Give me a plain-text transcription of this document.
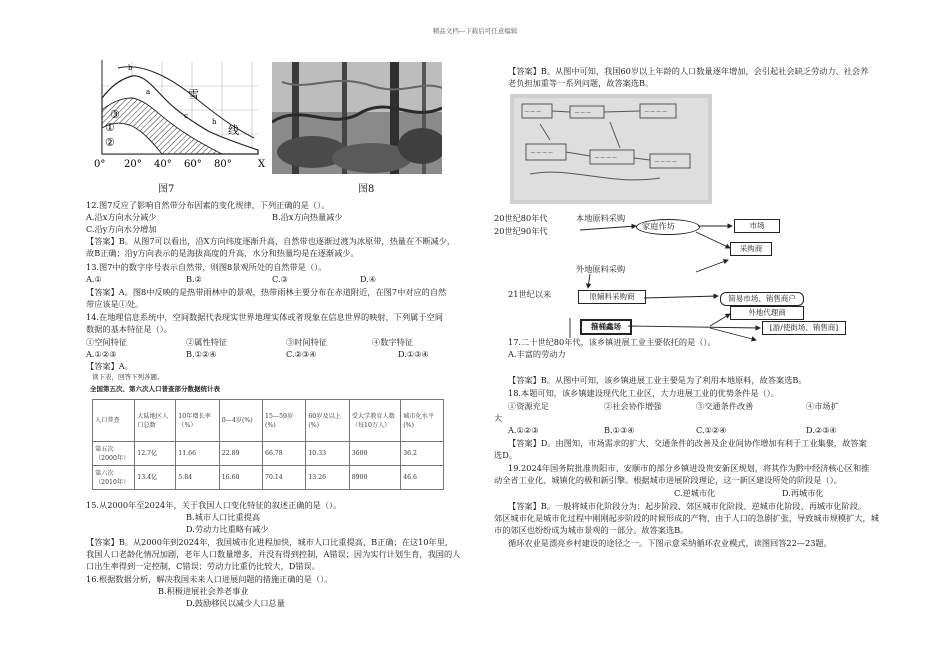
精品文档---下载后可任意编辑
①
②
③
a
b
c
h
雪
线
0° 20° 40° 60° 80°	X
图7	图8
12.图7反应了影响自然带分布因素的变化规律，下列正确的是（）。
A.沿x方向水分减少	B.沿x方向热量减少
C.沿y方向水分增加
【答案】B。从图7可以看出，沿X方向纬度逐渐升高，自然带也逐渐过渡为冰原带，热量在不断减少，
故B正确；沿y方向表示的是海拔高度的升高，水分和热量均是在逐渐减少。
13.图7中的数字序号表示自然带，则图8景观所处的自然带是（）。
A.①	B.②	C.③	D.④
【答案】A。图8中反映的是热带雨林中的景观，热带雨林主要分布在赤道附近，在图7中对应的自然
带应该是①处。
14.在地理信息系统中，空间数据代表现实世界地理实体或者现象在信息世界的映射，下列属于空间
数据的基本特征是（）。
①空间特征	②属性特征	③时间特征	④数字特征
A.①②③	B.①②④	C.②③④	D.①③④
【答案】A。
读下表，回答下列各题。
全国第五次、第六次人口普查部分数据统计表
人口普查	大陆地区人口总数	10年增长率（%）	0—4岁(%)	15—59岁(%)	60岁及以上(%)	受大学教育人数（每10万人）	城市化水平(%)
第五次（2000年）	12.7亿	11.66	22.89	66.78	10.33	3600	36.2
第六次（2010年）	13.4亿	5.84	16.60	70.14	13.26	8900	46.6
15.从2000年至2024年，关于我国人口变化特征的叙述正确的是（）。
B.城市人口比重提高
D.劳动力比重略有减少
【答案】B。从2000年到2024年，我国城市化进程加快，城市人口比重提高，B正确；在这10年里，
我国人口老龄化情况加剧，老年人口数量增多，并没有得到控制，A错误；因为实行计划生育，我国的人
口出生率得到一定控制，C错误；劳动力比重仍比较大，D错误。
16.根据数据分析，解决我国未来人口进展问题的措施正确的是（）。
B.积极进展社会养老事业
D.鼓励移民以减少人口总量
【答案】B。从图中可知，我国60岁以上年龄的人口数量逐年增加，会引起社会缺乏劳动力、社会养
老负担加重等一系列问题，故答案选B。
~~~	~~~	~~~~
~~~~
~~~~	~~~~
20世纪80年代
20世纪90年代
本地原料采购
家庭作坊	市场
采购商
外地原料采购
21世纪以来	原辅料采购商	简易市场、销售商户
外地代理商
箍桶鑫场	[游/使街场、销售商]
17.二十世纪80年代，该乡镇进展工业主要依托的是（）。
A.丰富的劳动力
【答案】B。从图中可知，该乡镇进展工业主要是为了利用本地原料，故答案选B。
18.本题可知，该乡镇建设现代化工业区，大力进展工业的优势条件是（）。
①资源充足	②社会协作增强	③交通条件改善	④市场扩
大
A.①②③	B.①③④	C.①②④	D.②③④
【答案】D。由图知，市场需求的扩大、交通条件的改善及企业间协作增加有利于工业集聚，故答案
选D。
19.2024年国务院批准贵阳市、安顺市的部分乡镇进设贵安新区规划，将其作为黔中经济核心区和推
动全省工业化、城镇化的极和新引擎。根据城市进展阶段理论，这一新区建设所处的阶段是（）。
C.逆城市化	D.再城市化
【答案】B。一般将城市化阶段分为：起步阶段、郊区城市化阶段、逆城市化阶段、再城市化阶段。
郊区城市化是城市化过程中刚刚起步阶段的时候形成的产物，由于人口的急剧扩张，导致城市规模扩大，城
市的郊区也纷纷成为城市景观的一部分。故答案选B。
循环农业是漂亮乡村建设的途径之一。下图示意采纳循环农业模式，读图回答22—23题。
